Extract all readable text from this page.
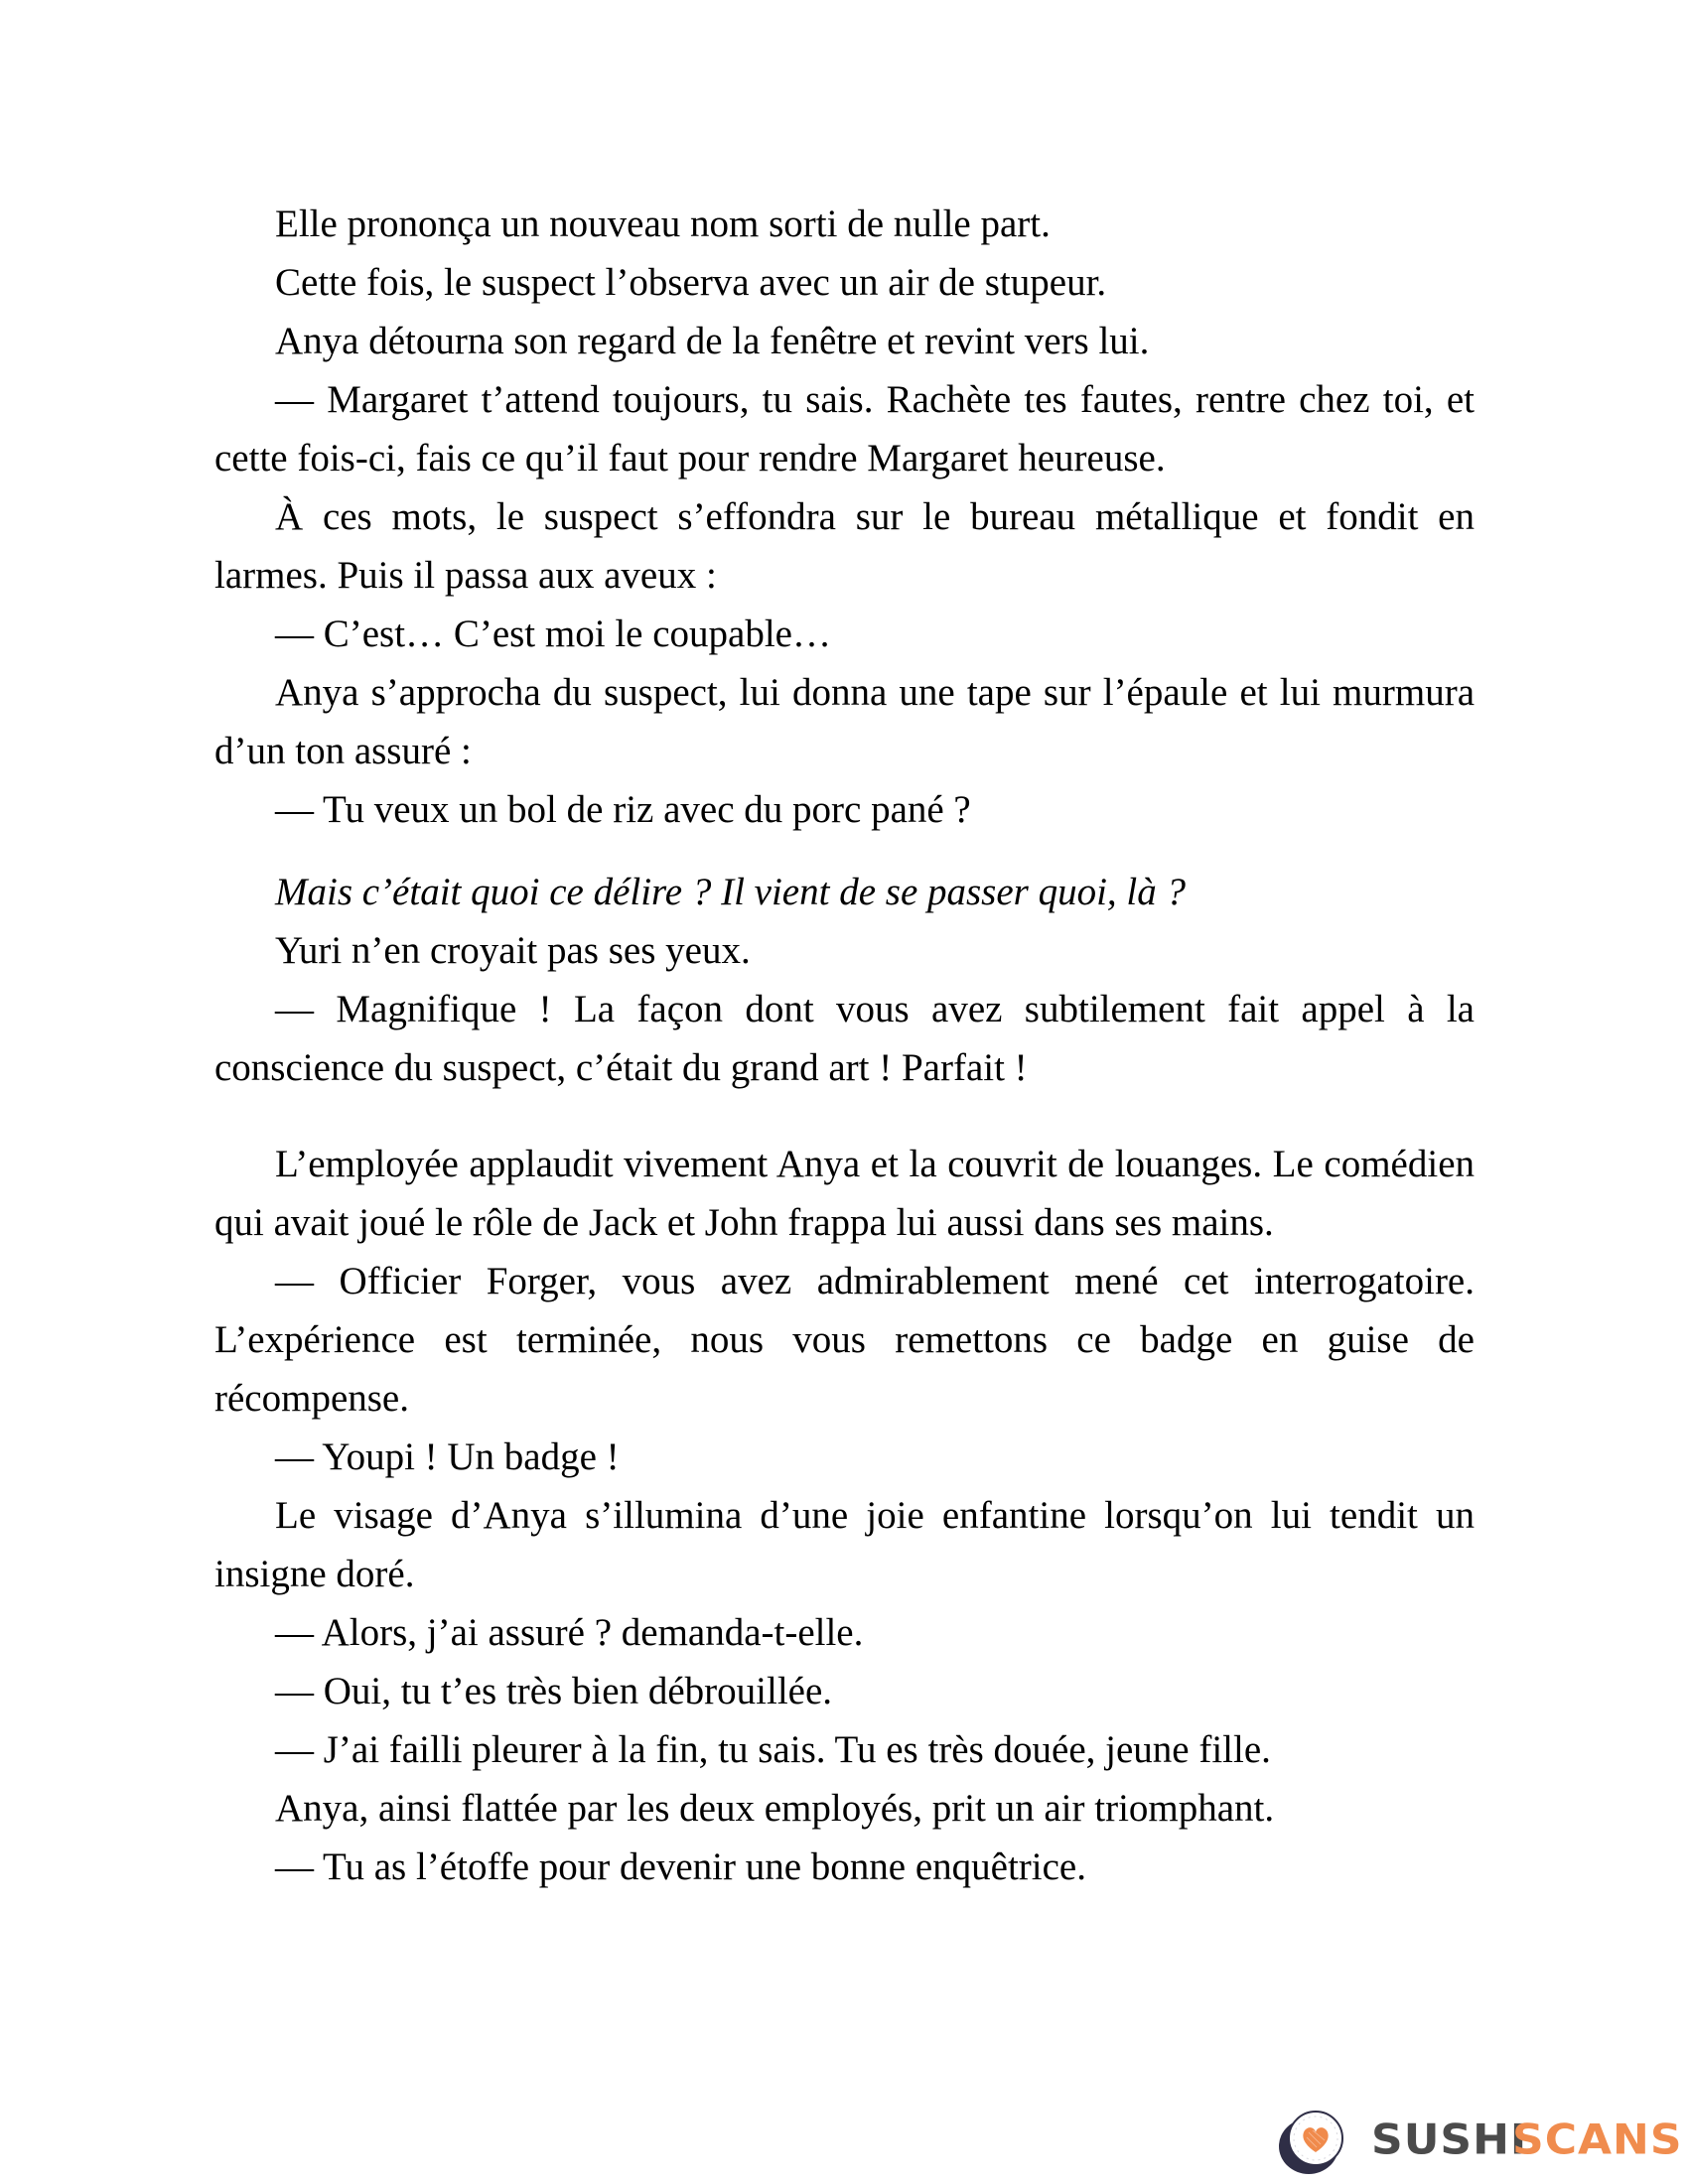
Elle prononça un nouveau nom sorti de nulle part.

Cette fois, le suspect l’observa avec un air de stupeur.

Anya détourna son regard de la fenêtre et revint vers lui.

— Margaret t’attend toujours, tu sais. Rachète tes fautes, rentre chez toi, et cette fois-ci, fais ce qu’il faut pour rendre Margaret heureuse.

À ces mots, le suspect s’effondra sur le bureau métallique et fondit en larmes. Puis il passa aux aveux :

— C’est… C’est moi le coupable…

Anya s’approcha du suspect, lui donna une tape sur l’épaule et lui murmura d’un ton assuré :

— Tu veux un bol de riz avec du porc pané ?

Mais c’était quoi ce délire ? Il vient de se passer quoi, là ?

Yuri n’en croyait pas ses yeux.

— Magnifique ! La façon dont vous avez subtilement fait appel à la conscience du suspect, c’était du grand art ! Parfait !

L’employée applaudit vivement Anya et la couvrit de louanges. Le comédien qui avait joué le rôle de Jack et John frappa lui aussi dans ses mains.

— Officier Forger, vous avez admirablement mené cet interrogatoire. L’expérience est terminée, nous vous remettons ce badge en guise de récompense.

— Youpi ! Un badge !

Le visage d’Anya s’illumina d’une joie enfantine lorsqu’on lui tendit un insigne doré.

— Alors, j’ai assuré ? demanda-t-elle.

— Oui, tu t’es très bien débrouillée.

— J’ai failli pleurer à la fin, tu sais. Tu es très douée, jeune fille.

Anya, ainsi flattée par les deux employés, prit un air triomphant.

— Tu as l’étoffe pour devenir une bonne enquêtrice.

SUSHI
SCANS
